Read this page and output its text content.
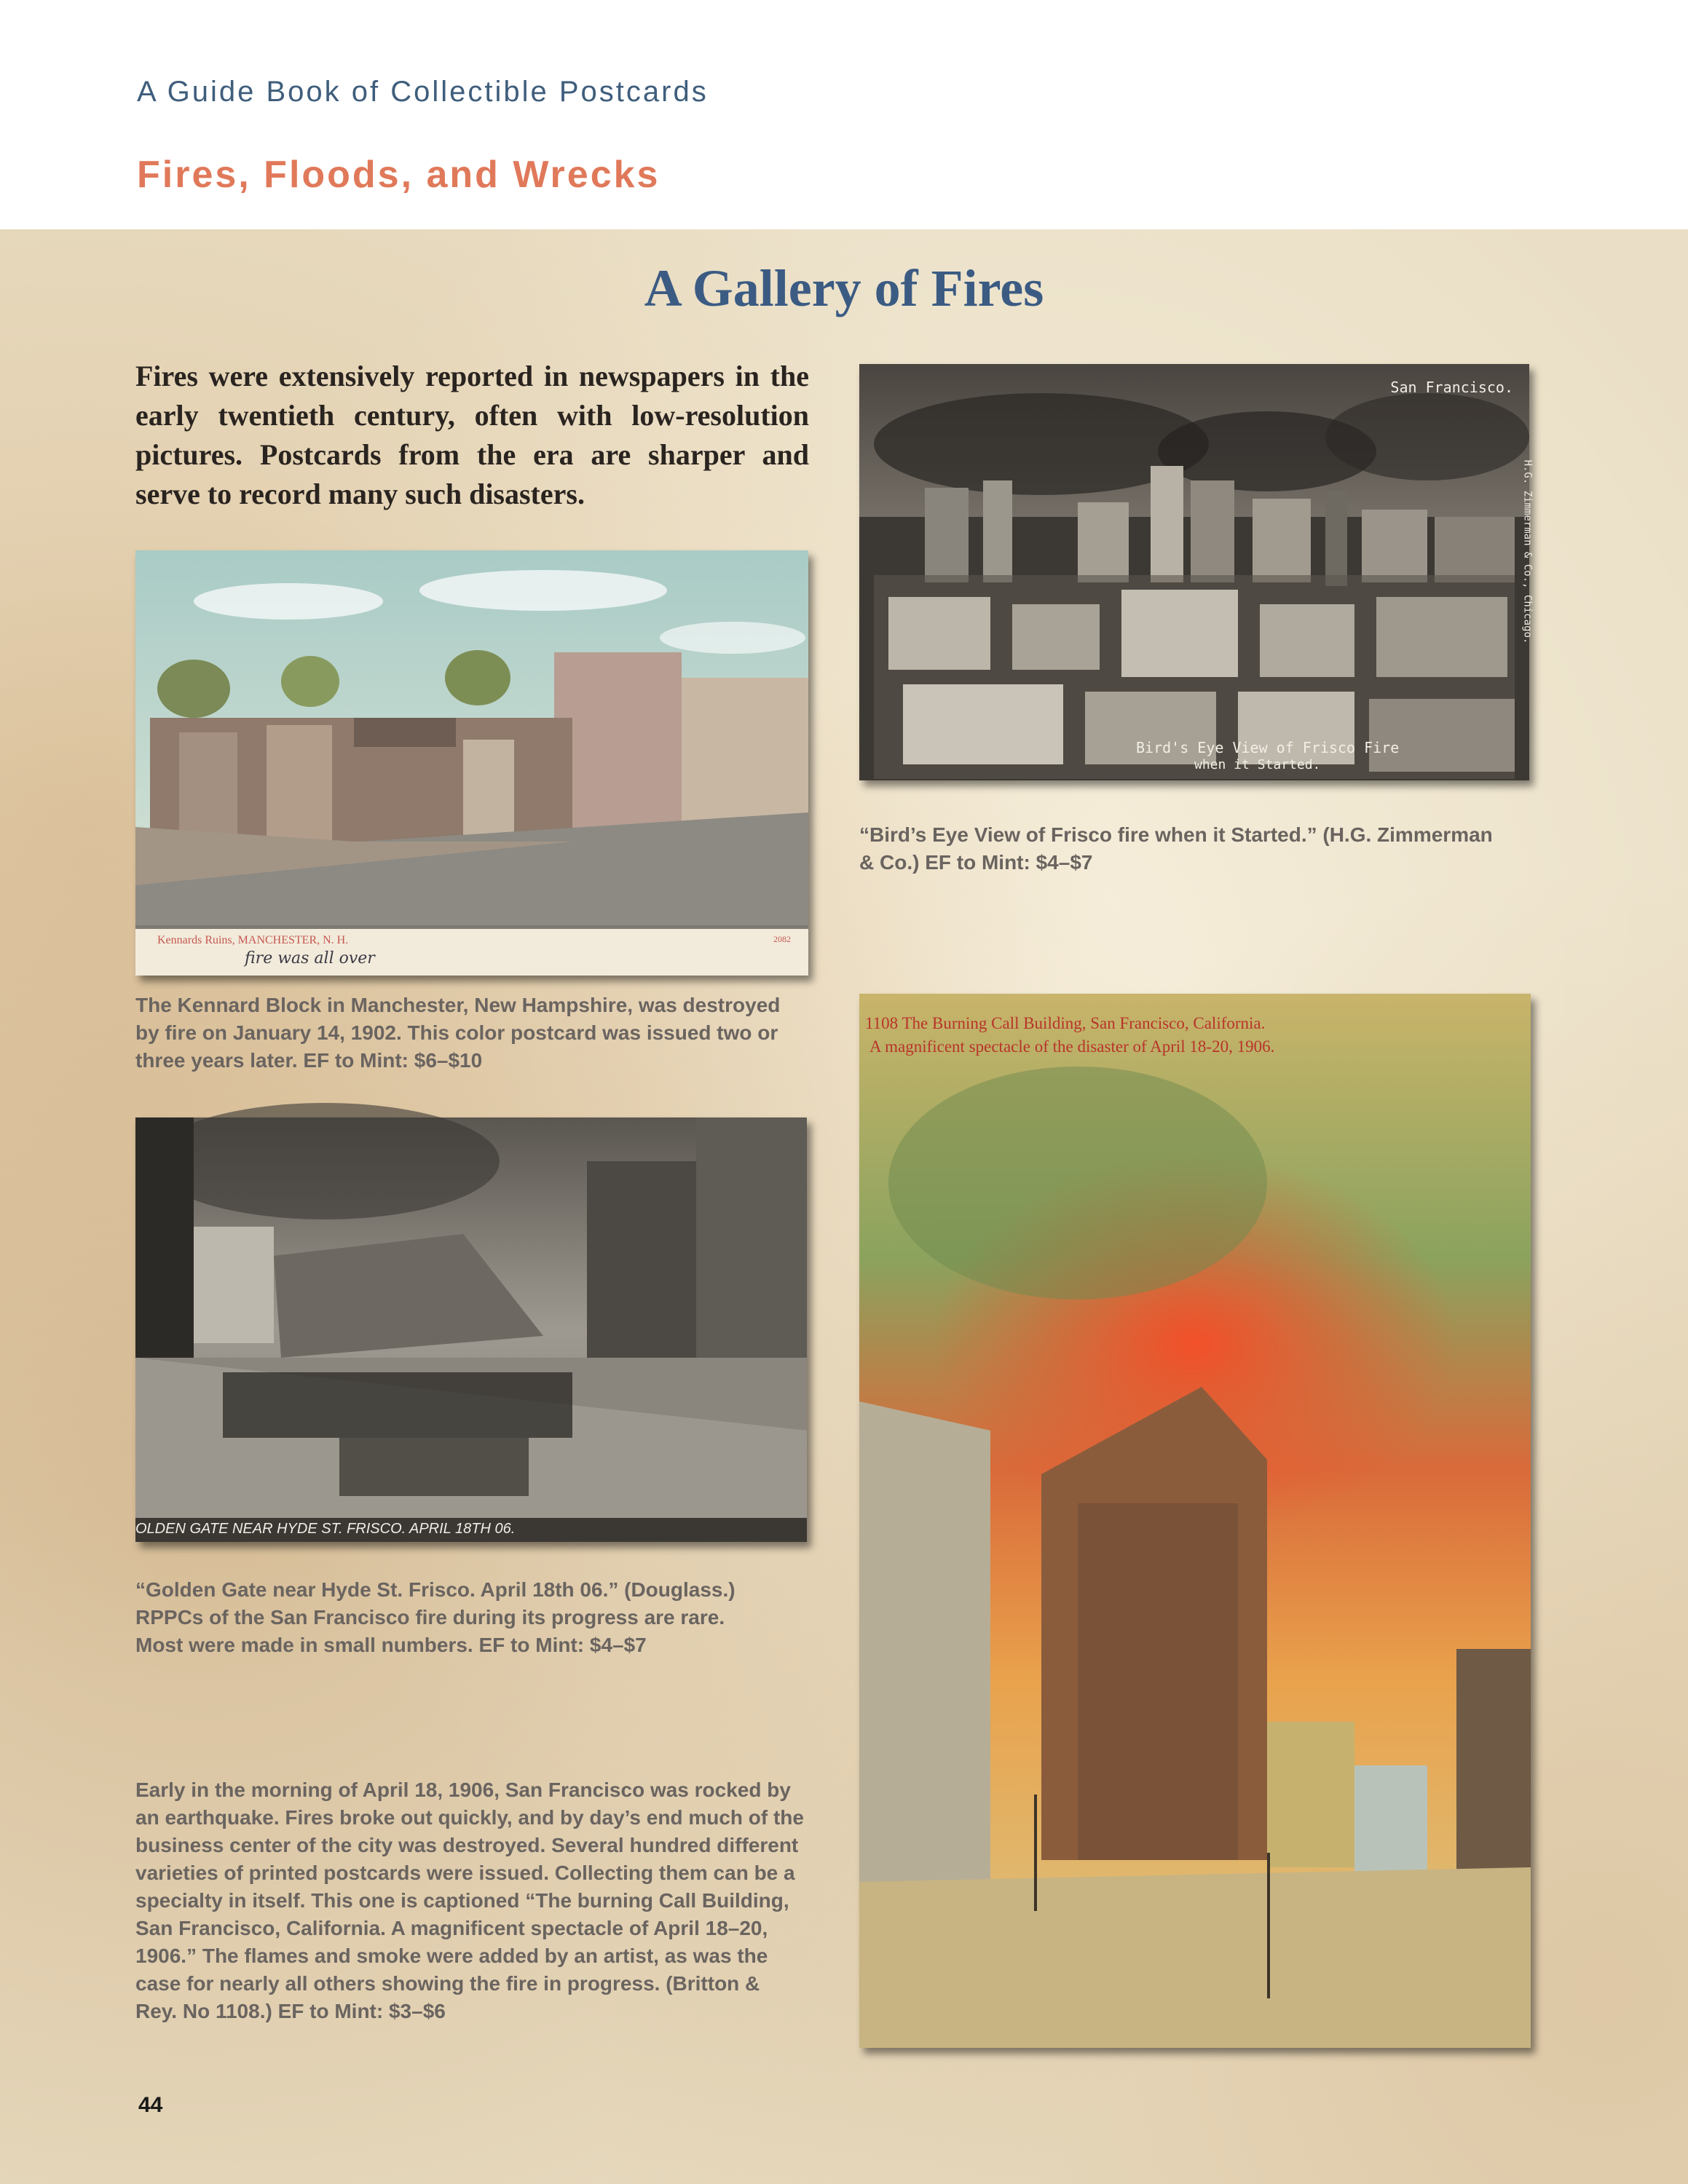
A Guide Book of Collectible Postcards
Fires, Floods, and Wrecks
A Gallery of Fires

Fires were extensively reported in newspapers in the early twentieth century, often with low-resolution pictures. Postcards from the era are sharper and serve to record many such disasters.

San Francisco.
H.G. Zimmerman & Co., Chicago.
Bird's Eye View of Frisco Fire
when it Started.

“Bird’s Eye View of Frisco fire when it Started.” (H.G. Zimmerman & Co.) EF to Mint: $4–$7

Kennards Ruins, MANCHESTER, N. H.	2082
fire was all over

The Kennard Block in Manchester, New Hampshire, was destroyed by fire on January 14, 1902. This color postcard was issued two or three years later. EF to Mint: $6–$10

OLDEN GATE NEAR HYDE ST. FRISCO. APRIL 18TH 06.

“Golden Gate near Hyde St. Frisco. April 18th 06.” (Douglass.) RPPCs of the San Francisco fire during its progress are rare. Most were made in small numbers. EF to Mint: $4–$7

1108 The Burning Call Building, San Francisco, California.
A magnificent spectacle of the disaster of April 18-20, 1906.

Early in the morning of April 18, 1906, San Francisco was rocked by an earthquake. Fires broke out quickly, and by day’s end much of the business center of the city was destroyed. Several hundred different varieties of printed postcards were issued. Collecting them can be a specialty in itself. This one is captioned “The burning Call Building, San Francisco, California. A magnificent spectacle of April 18–20, 1906.” The flames and smoke were added by an artist, as was the case for nearly all others showing the fire in progress. (Britton & Rey. No 1108.) EF to Mint: $3–$6

44
